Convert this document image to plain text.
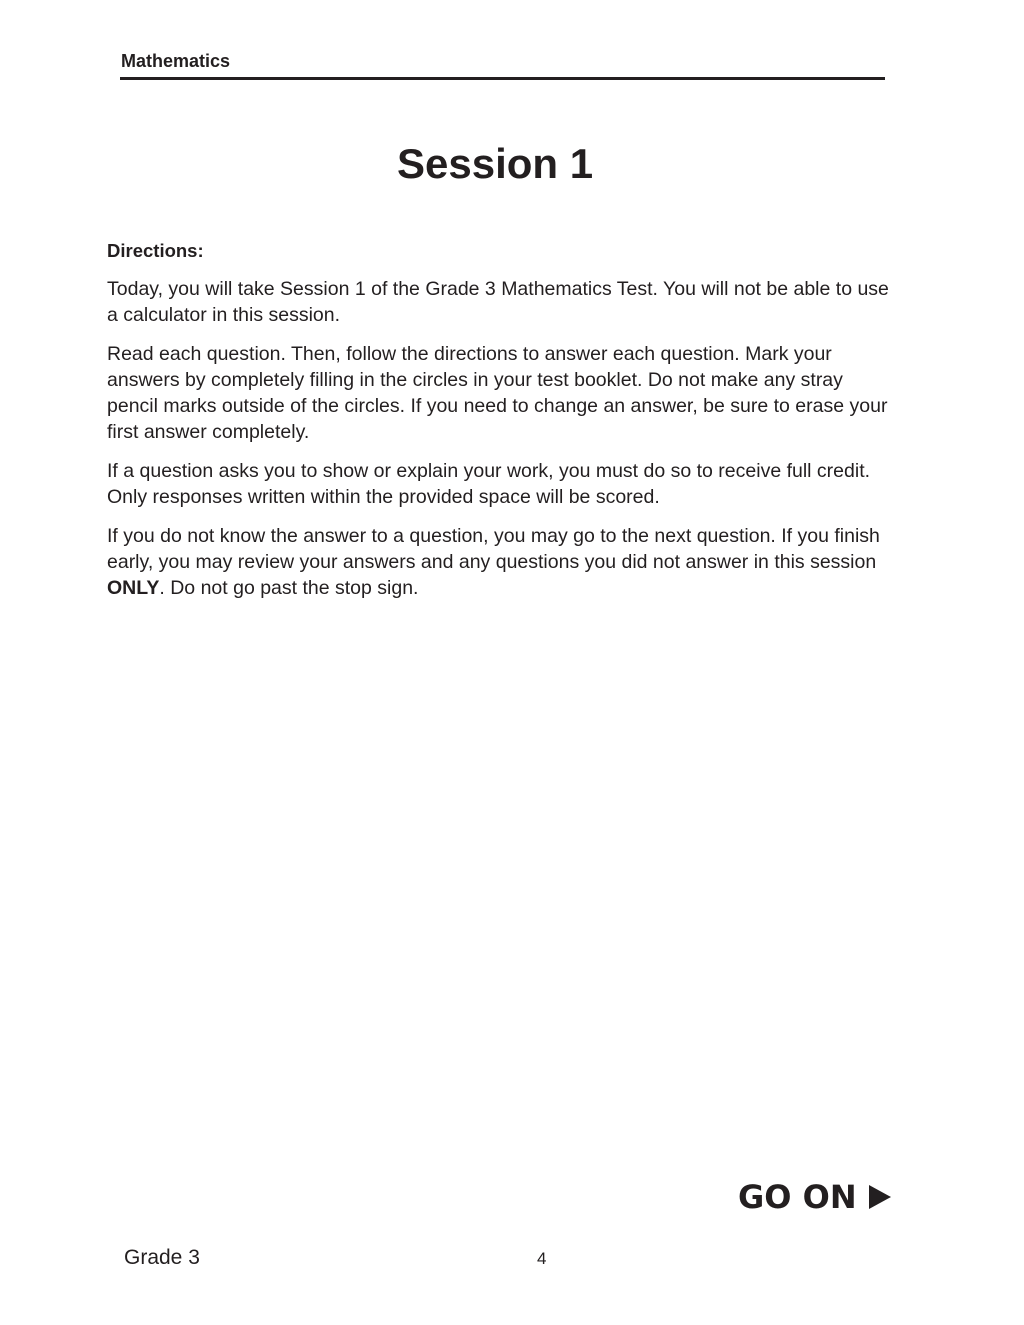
Mathematics
Session 1
Directions:

Today, you will take Session 1 of the Grade 3 Mathematics Test. You will not be able to use a calculator in this session.

Read each question. Then, follow the directions to answer each question. Mark your answers by completely filling in the circles in your test booklet. Do not make any stray pencil marks outside of the circles. If you need to change an answer, be sure to erase your first answer completely.

If a question asks you to show or explain your work, you must do so to receive full credit. Only responses written within the provided space will be scored.

If you do not know the answer to a question, you may go to the next question. If you finish early, you may review your answers and any questions you did not answer in this session ONLY. Do not go past the stop sign.

GO ON
Grade 3	4
